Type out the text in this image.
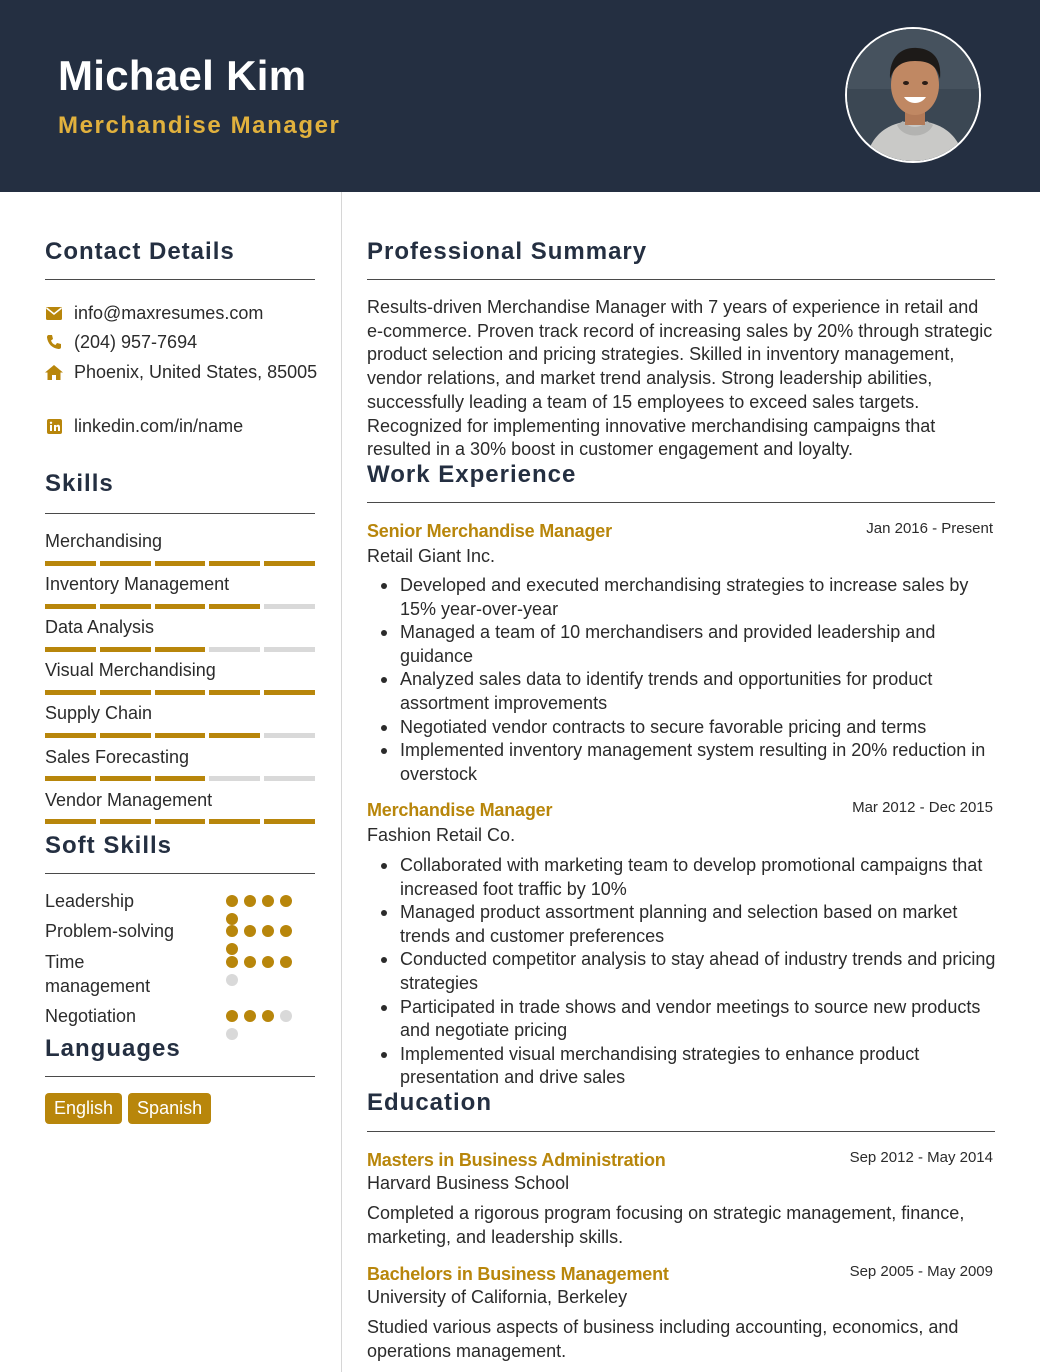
Michael Kim
Merchandise Manager
Contact Details
info@maxresumes.com
(204) 957-7694
Phoenix, United States, 85005
linkedin.com/in/name
Skills
Merchandising
Inventory Management
Data Analysis
Visual Merchandising
Supply Chain
Sales Forecasting
Vendor Management
Soft Skills
Leadership
Problem-solving
Time management
Negotiation
Languages
English	Spanish
Professional Summary
Results-driven Merchandise Manager with 7 years of experience in retail and e-commerce. Proven track record of increasing sales by 20% through strategic product selection and pricing strategies. Skilled in inventory management, vendor relations, and market trend analysis. Strong leadership abilities, successfully leading a team of 15 employees to exceed sales targets. Recognized for implementing innovative merchandising campaigns that resulted in a 30% boost in customer engagement and loyalty.
Work Experience
Senior Merchandise Manager	Jan 2016 - Present
Retail Giant Inc.
Developed and executed merchandising strategies to increase sales by 15% year-over-year
Managed a team of 10 merchandisers and provided leadership and guidance
Analyzed sales data to identify trends and opportunities for product assortment improvements
Negotiated vendor contracts to secure favorable pricing and terms
Implemented inventory management system resulting in 20% reduction in overstock
Merchandise Manager	Mar 2012 - Dec 2015
Fashion Retail Co.
Collaborated with marketing team to develop promotional campaigns that increased foot traffic by 10%
Managed product assortment planning and selection based on market trends and customer preferences
Conducted competitor analysis to stay ahead of industry trends and pricing strategies
Participated in trade shows and vendor meetings to source new products and negotiate pricing
Implemented visual merchandising strategies to enhance product presentation and drive sales
Education
Masters in Business Administration	Sep 2012 - May 2014
Harvard Business School
Completed a rigorous program focusing on strategic management, finance, marketing, and leadership skills.
Bachelors in Business Management	Sep 2005 - May 2009
University of California, Berkeley
Studied various aspects of business including accounting, economics, and operations management.
